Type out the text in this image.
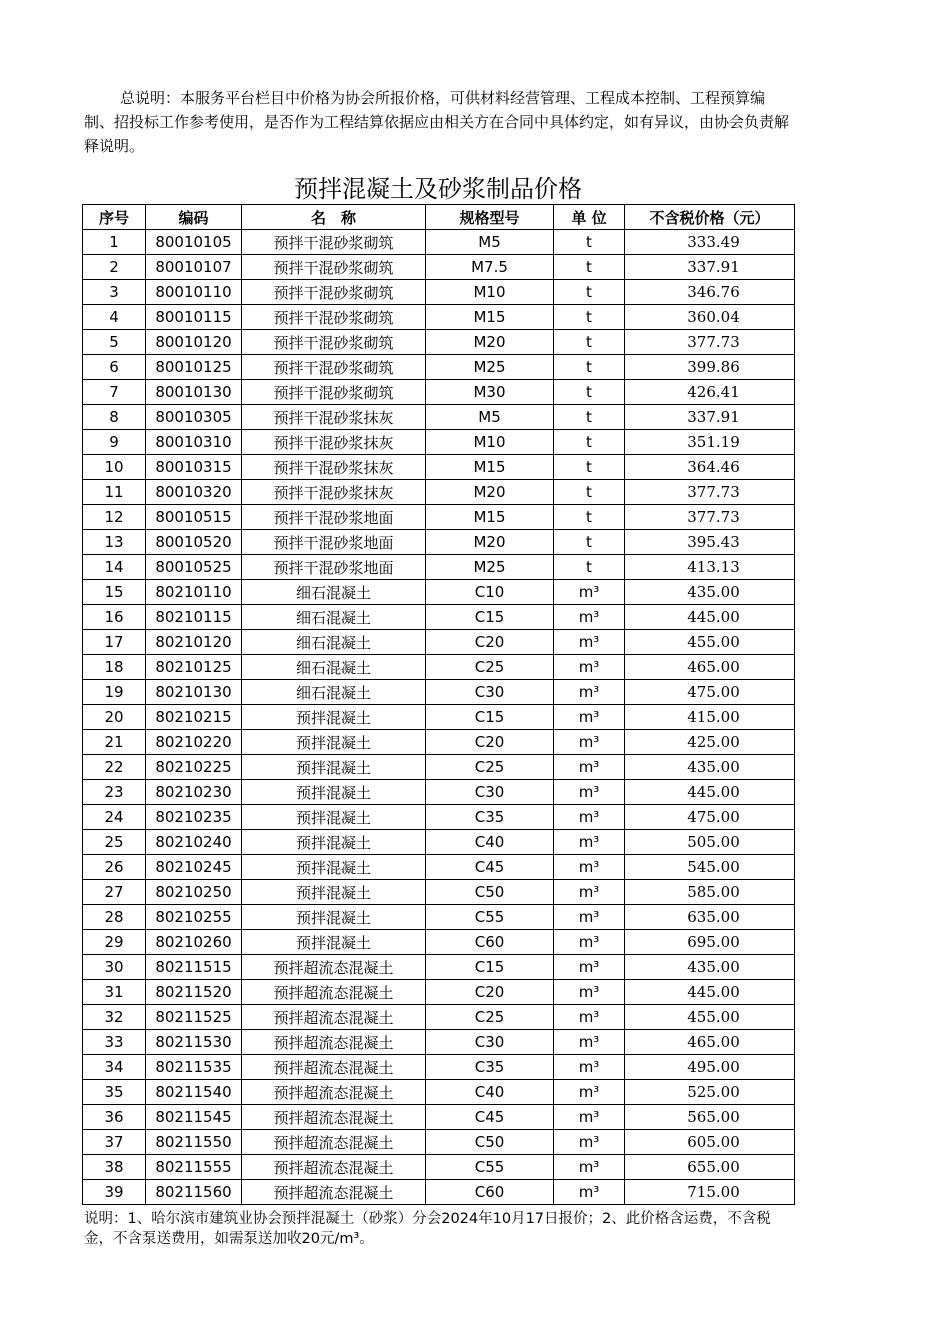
总说明：本服务平台栏目中价格为协会所报价格，可供材料经营管理、工程成本控制、工程预算编制、招投标工作参考使用，是否作为工程结算依据应由相关方在合同中具体约定，如有异议，由协会负责解释说明。
预拌混凝土及砂浆制品价格
序号	编码	名　称	规格型号	单 位	不含税价格（元）
1	80010105	预拌干混砂浆砌筑	M5	t	333.49
2	80010107	预拌干混砂浆砌筑	M7.5	t	337.91
3	80010110	预拌干混砂浆砌筑	M10	t	346.76
4	80010115	预拌干混砂浆砌筑	M15	t	360.04
5	80010120	预拌干混砂浆砌筑	M20	t	377.73
6	80010125	预拌干混砂浆砌筑	M25	t	399.86
7	80010130	预拌干混砂浆砌筑	M30	t	426.41
8	80010305	预拌干混砂浆抹灰	M5	t	337.91
9	80010310	预拌干混砂浆抹灰	M10	t	351.19
10	80010315	预拌干混砂浆抹灰	M15	t	364.46
11	80010320	预拌干混砂浆抹灰	M20	t	377.73
12	80010515	预拌干混砂浆地面	M15	t	377.73
13	80010520	预拌干混砂浆地面	M20	t	395.43
14	80010525	预拌干混砂浆地面	M25	t	413.13
15	80210110	细石混凝土	C10	m³	435.00
16	80210115	细石混凝土	C15	m³	445.00
17	80210120	细石混凝土	C20	m³	455.00
18	80210125	细石混凝土	C25	m³	465.00
19	80210130	细石混凝土	C30	m³	475.00
20	80210215	预拌混凝土	C15	m³	415.00
21	80210220	预拌混凝土	C20	m³	425.00
22	80210225	预拌混凝土	C25	m³	435.00
23	80210230	预拌混凝土	C30	m³	445.00
24	80210235	预拌混凝土	C35	m³	475.00
25	80210240	预拌混凝土	C40	m³	505.00
26	80210245	预拌混凝土	C45	m³	545.00
27	80210250	预拌混凝土	C50	m³	585.00
28	80210255	预拌混凝土	C55	m³	635.00
29	80210260	预拌混凝土	C60	m³	695.00
30	80211515	预拌超流态混凝土	C15	m³	435.00
31	80211520	预拌超流态混凝土	C20	m³	445.00
32	80211525	预拌超流态混凝土	C25	m³	455.00
33	80211530	预拌超流态混凝土	C30	m³	465.00
34	80211535	预拌超流态混凝土	C35	m³	495.00
35	80211540	预拌超流态混凝土	C40	m³	525.00
36	80211545	预拌超流态混凝土	C45	m³	565.00
37	80211550	预拌超流态混凝土	C50	m³	605.00
38	80211555	预拌超流态混凝土	C55	m³	655.00
39	80211560	预拌超流态混凝土	C60	m³	715.00
说明：1、哈尔滨市建筑业协会预拌混凝土（砂浆）分会2024年10月17日报价；2、此价格含运费，不含税金，不含泵送费用，如需泵送加收20元/m³。
